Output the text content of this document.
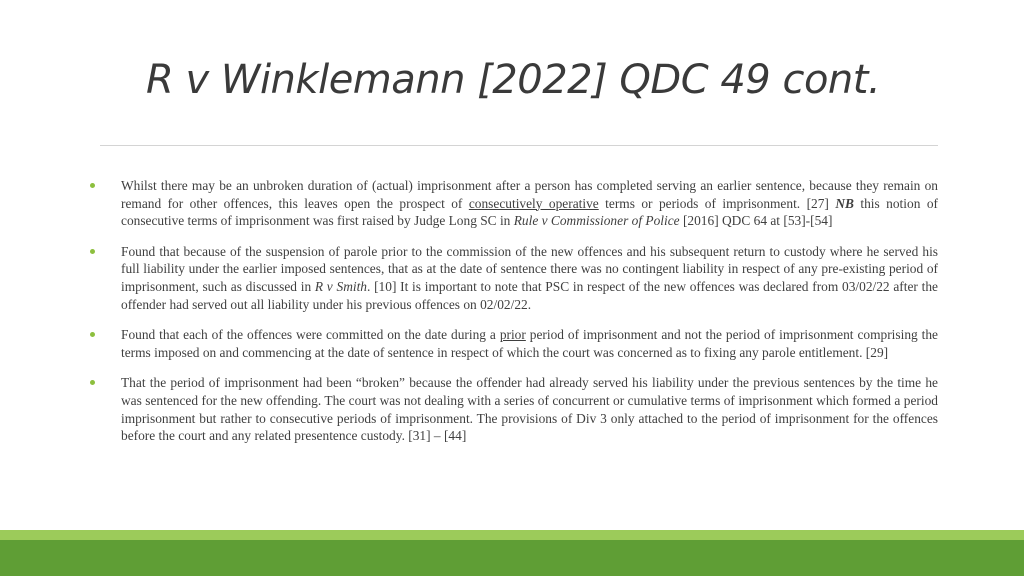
R v Winklemann [2022] QDC 49 cont.
Whilst there may be an unbroken duration of (actual) imprisonment after a person has completed serving an earlier sentence, because they remain on remand for other offences, this leaves open the prospect of consecutively operative terms or periods of imprisonment. [27] NB this notion of consecutive terms of imprisonment was first raised by Judge Long SC in Rule v Commissioner of Police [2016] QDC 64 at [53]-[54]
Found that because of the suspension of parole prior to the commission of the new offences and his subsequent return to custody where he served his full liability under the earlier imposed sentences, that as at the date of sentence there was no contingent liability in respect of any pre-existing period of imprisonment, such as discussed in R v Smith. [10] It is important to note that PSC in respect of the new offences was declared from 03/02/22 after the offender had served out all liability under his previous offences on 02/02/22.
Found that each of the offences were committed on the date during a prior period of imprisonment and not the period of imprisonment comprising the terms imposed on and commencing at the date of sentence in respect of which the court was concerned as to fixing any parole entitlement. [29]
That the period of imprisonment had been “broken” because the offender had already served his liability under the previous sentences by the time he was sentenced for the new offending. The court was not dealing with a series of concurrent or cumulative terms of imprisonment which formed a period imprisonment but rather to consecutive periods of imprisonment. The provisions of Div 3 only attached to the period of imprisonment for the offences before the court and any related presentence custody. [31] – [44]
